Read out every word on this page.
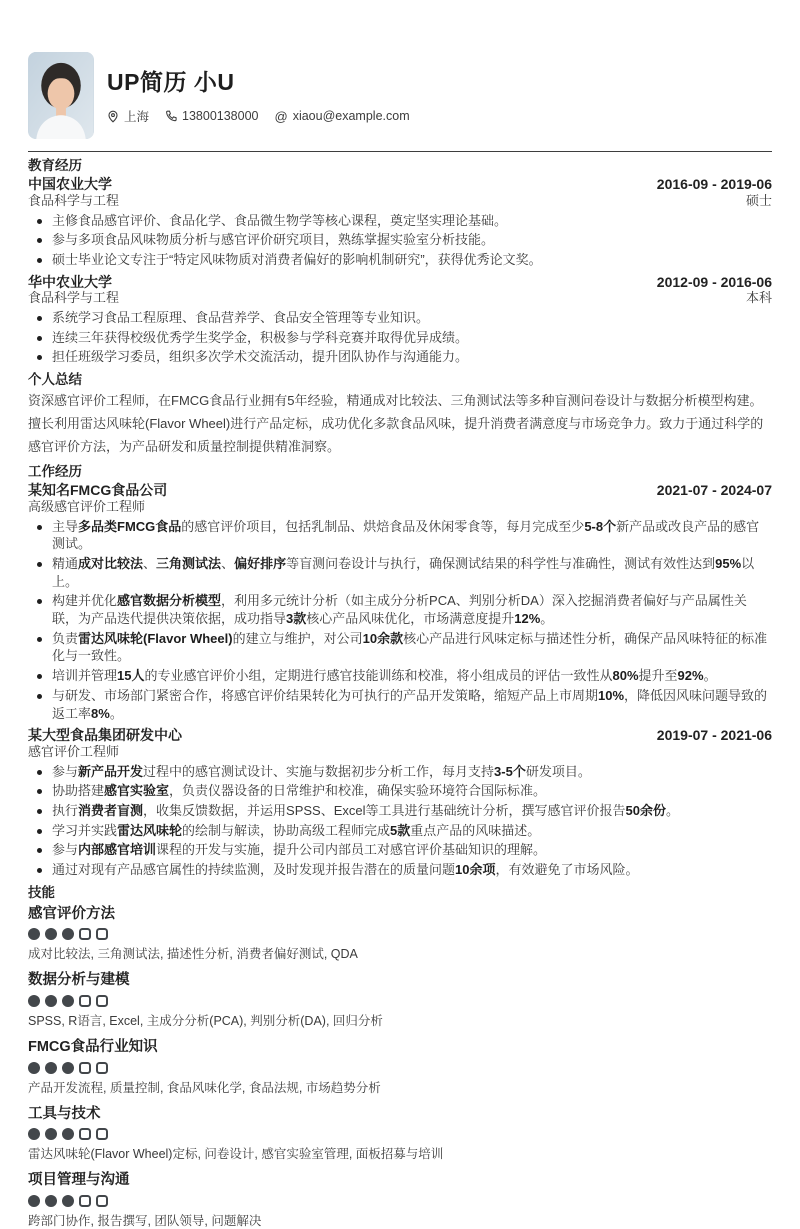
UP简历 小U
上海	13800138000 @ xiaou@example.com
教育经历
中国农业大学	2016-09 - 2019-06
食品科学与工程	硕士
主修食品感官评价、食品化学、食品微生物学等核心课程，奠定坚实理论基础。
参与多项食品风味物质分析与感官评价研究项目，熟练掌握实验室分析技能。
硕士毕业论文专注于“特定风味物质对消费者偏好的影响机制研究”，获得优秀论文奖。
华中农业大学	2012-09 - 2016-06
食品科学与工程	本科
系统学习食品工程原理、食品营养学、食品安全管理等专业知识。
连续三年获得校级优秀学生奖学金，积极参与学科竞赛并取得优异成绩。
担任班级学习委员，组织多次学术交流活动，提升团队协作与沟通能力。
个人总结

资深感官评价工程师，在FMCG食品行业拥有5年经验，精通成对比较法、三角测试法等多种盲测问卷设计与数据分析模型构建。擅长利用雷达风味轮(Flavor Wheel)进行产品定标，成功优化多款食品风味，提升消费者满意度与市场竞争力。致力于通过科学的感官评价方法，为产品研发和质量控制提供精准洞察。

工作经历
某知名FMCG食品公司	2021-07 - 2024-07
高级感官评价工程师
主导多品类FMCG食品的感官评价项目，包括乳制品、烘焙食品及休闲零食等，每月完成至少5-8个新产品或改良产品的感官测试。
精通成对比较法、三角测试法、偏好排序等盲测问卷设计与执行，确保测试结果的科学性与准确性，测试有效性达到95%以上。
构建并优化感官数据分析模型，利用多元统计分析（如主成分分析PCA、判别分析DA）深入挖掘消费者偏好与产品属性关联，为产品迭代提供决策依据，成功指导3款核心产品风味优化，市场满意度提升12%。
负责雷达风味轮(Flavor Wheel)的建立与维护，对公司10余款核心产品进行风味定标与描述性分析，确保产品风味特征的标准化与一致性。
培训并管理15人的专业感官评价小组，定期进行感官技能训练和校准，将小组成员的评估一致性从80%提升至92%。
与研发、市场部门紧密合作，将感官评价结果转化为可执行的产品开发策略，缩短产品上市周期10%，降低因风味问题导致的返工率8%。
某大型食品集团研发中心	2019-07 - 2021-06
感官评价工程师
参与新产品开发过程中的感官测试设计、实施与数据初步分析工作，每月支持3-5个研发项目。
协助搭建感官实验室，负责仪器设备的日常维护和校准，确保实验环境符合国际标准。
执行消费者盲测，收集反馈数据，并运用SPSS、Excel等工具进行基础统计分析，撰写感官评价报告50余份。
学习并实践雷达风味轮的绘制与解读，协助高级工程师完成5款重点产品的风味描述。
参与内部感官培训课程的开发与实施，提升公司内部员工对感官评价基础知识的理解。
通过对现有产品感官属性的持续监测，及时发现并报告潜在的质量问题10余项，有效避免了市场风险。
技能
感官评价方法
成对比较法, 三角测试法, 描述性分析, 消费者偏好测试, QDA
数据分析与建模
SPSS, R语言, Excel, 主成分分析(PCA), 判别分析(DA), 回归分析
FMCG食品行业知识
产品开发流程, 质量控制, 食品风味化学, 食品法规, 市场趋势分析
工具与技术
雷达风味轮(Flavor Wheel)定标, 问卷设计, 感官实验室管理, 面板招募与培训
项目管理与沟通
跨部门协作, 报告撰写, 团队领导, 问题解决
